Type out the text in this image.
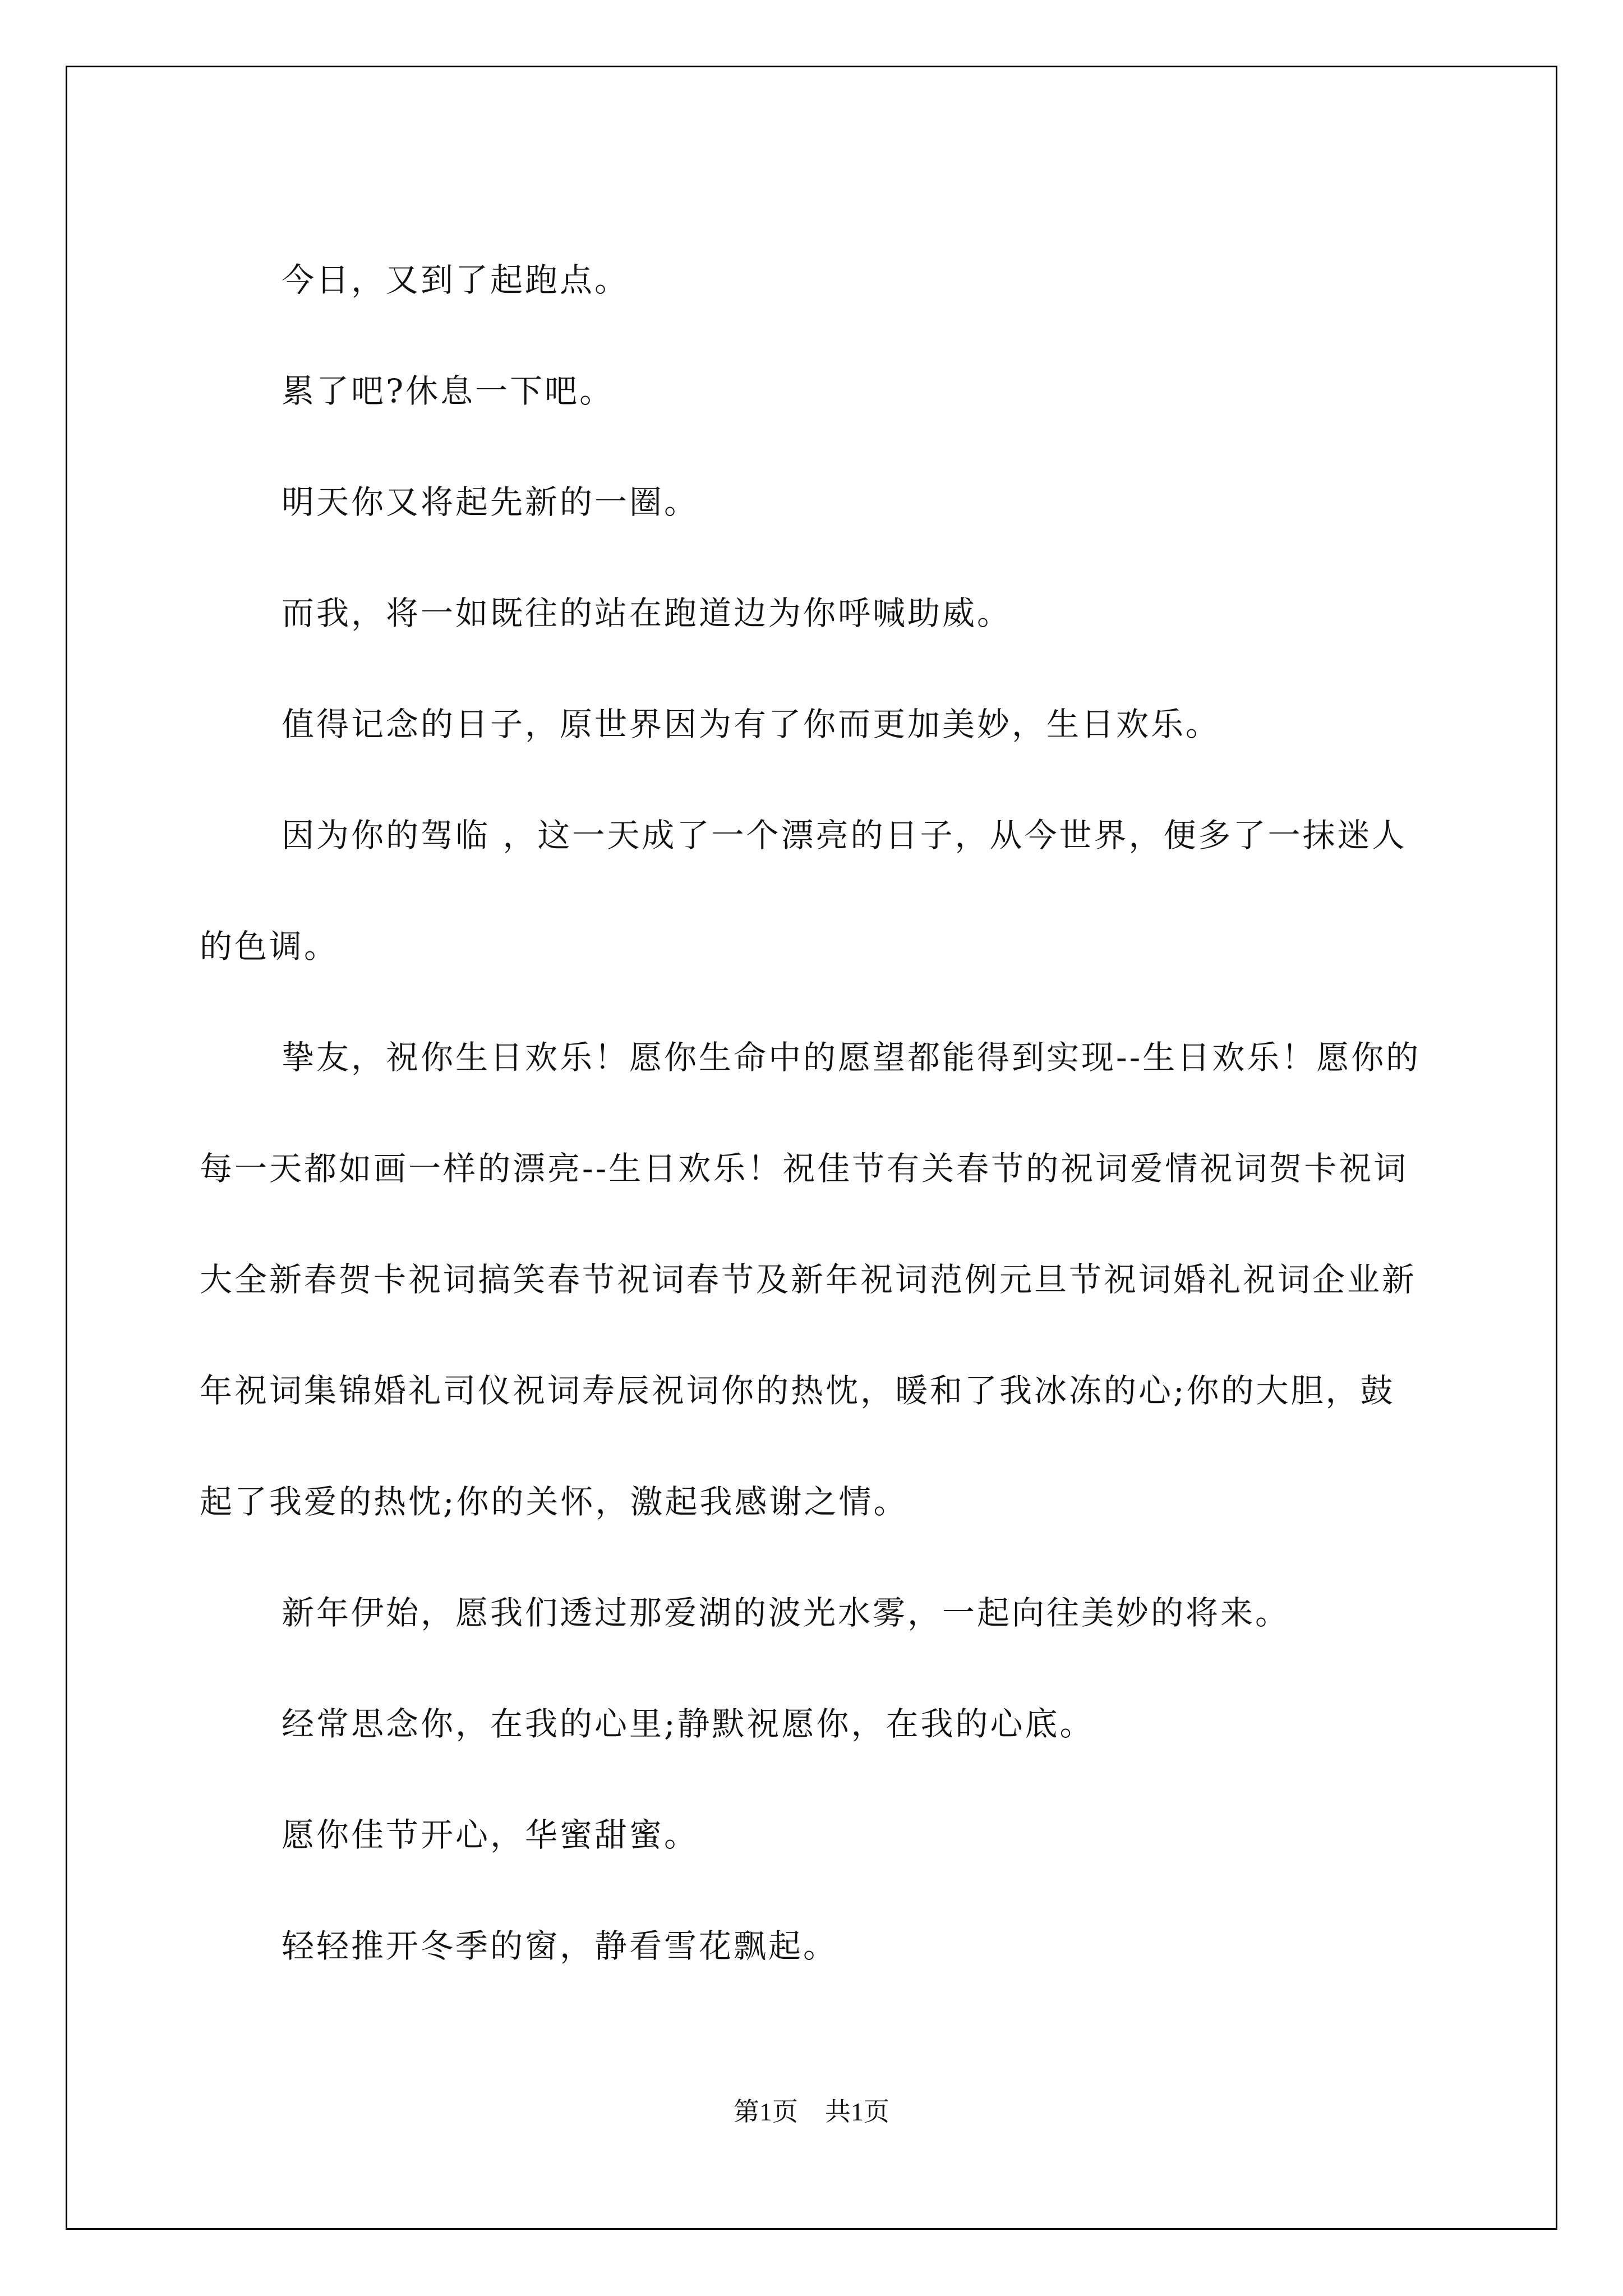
今日，又到了起跑点。

累了吧?休息一下吧。

明天你又将起先新的一圈。

而我，将一如既往的站在跑道边为你呼喊助威。

值得记念的日子，原世界因为有了你而更加美妙，生日欢乐。

因为你的驾临 ，这一天成了一个漂亮的日子，从今世界，便多了一抹迷人的色调。

挚友，祝你生日欢乐！愿你生命中的愿望都能得到实现--生日欢乐！愿你的每一天都如画一样的漂亮--生日欢乐！祝佳节有关春节的祝词爱情祝词贺卡祝词大全新春贺卡祝词搞笑春节祝词春节及新年祝词范例元旦节祝词婚礼祝词企业新年祝词集锦婚礼司仪祝词寿辰祝词你的热忱，暖和了我冰冻的心;你的大胆，鼓起了我爱的热忱;你的关怀，激起我感谢之情。

新年伊始，愿我们透过那爱湖的波光水雾，一起向往美妙的将来。

经常思念你，在我的心里;静默祝愿你，在我的心底。

愿你佳节开心，华蜜甜蜜。

轻轻推开冬季的窗，静看雪花飘起。

第1页 共1页
